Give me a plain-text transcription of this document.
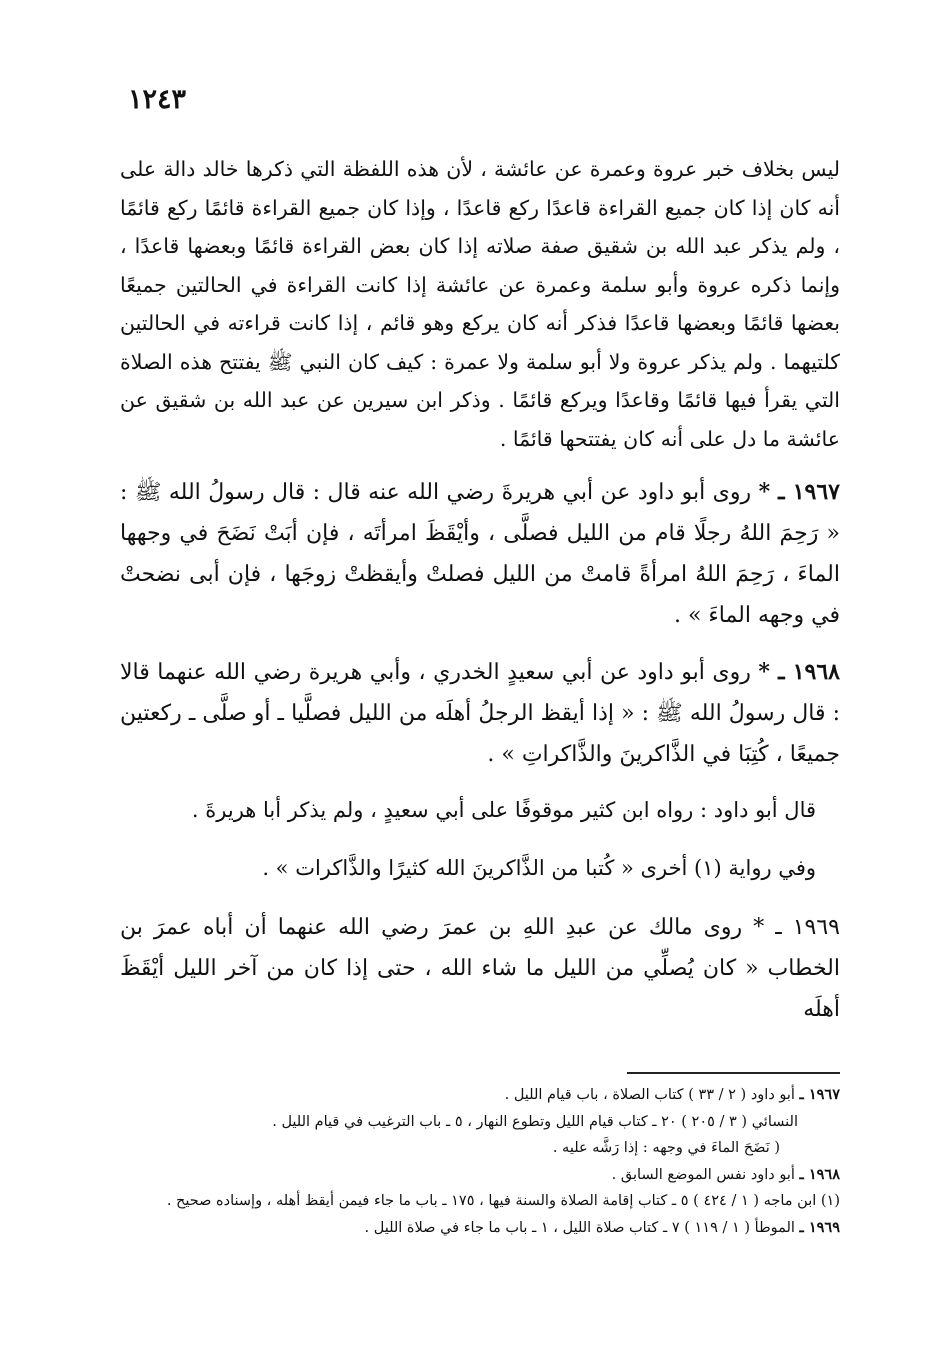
١٢٤٣

ليس بخلاف خبر عروة وعمرة عن عائشة ، لأن هذه اللفظة التي ذكرها خالد دالة على أنه كان إذا كان جميع القراءة قاعدًا ركع قاعدًا ، وإذا كان جميع القراءة قائمًا ركع قائمًا ، ولم يذكر عبد الله بن شقيق صفة صلاته إذا كان بعض القراءة قائمًا وبعضها قاعدًا ، وإنما ذكره عروة وأبو سلمة وعمرة عن عائشة إذا كانت القراءة في الحالتين جميعًا بعضها قائمًا وبعضها قاعدًا فذكر أنه كان يركع وهو قائم ، إذا كانت قراءته في الحالتين كلتيهما . ولم يذكر عروة ولا أبو سلمة ولا عمرة : كيف كان النبي ﷺ يفتتح هذه الصلاة التي يقرأ فيها قائمًا وقاعدًا ويركع قائمًا . وذكر ابن سيرين عن عبد الله بن شقيق عن عائشة ما دل على أنه كان يفتتحها قائمًا .

١٩٦٧ ـ * روى أبو داود عن أبي هريرةَ رضي الله عنه قال : قال رسولُ الله ﷺ : « رَحِمَ اللهُ رجلًا قام من الليل فصلَّى ، وأيْقَظَ امرأتَه ، فإن أبَتْ نَضَحَ في وجهها الماءَ ، رَحِمَ اللهُ امرأةً قامتْ من الليل فصلتْ وأيقظتْ زوجَها ، فإن أبى نضحتْ في وجهه الماءَ » .

١٩٦٨ ـ * روى أبو داود عن أبي سعيدٍ الخدري ، وأبي هريرة رضي الله عنهما قالا : قال رسولُ الله ﷺ : « إذا أيقظ الرجلُ أهلَه من الليل فصلَّيا ـ أو صلَّى ـ ركعتين جميعًا ، كُتِبَا في الذَّاكرينَ والذَّاكراتِ » .

قال أبو داود : رواه ابن كثير موقوفًا على أبي سعيدٍ ، ولم يذكر أبا هريرةَ .

وفي رواية (١) أخرى « كُتبا من الذَّاكرينَ الله كثيرًا والذَّاكرات » .

١٩٦٩ ـ * روى مالك عن عبدِ اللهِ بن عمرَ رضي الله عنهما أن أباه عمرَ بن الخطاب « كان يُصلِّي من الليل ما شاء الله ، حتى إذا كان من آخر الليل أيْقَظَ أهلَه

١٩٦٧ ـ أبو داود ( ٢ / ٣٣ ) كتاب الصلاة ، باب قيام الليل .

النسائي ( ٣ / ٢٠٥ ) ٢٠ ـ كتاب قيام الليل وتطوع النهار ، ٥ ـ باب الترغيب في قيام الليل .

( نَضَحَ الماءَ في وجهه : إذا رَشَّه عليه .

١٩٦٨ ـ أبو داود نفس الموضع السابق .

(١) ابن ماجه ( ١ / ٤٢٤ ) ٥ ـ كتاب إقامة الصلاة والسنة فيها ، ١٧٥ ـ باب ما جاء فيمن أيقظ أهله ، وإسناده صحيح .

١٩٦٩ ـ الموطأ ( ١ / ١١٩ ) ٧ ـ كتاب صلاة الليل ، ١ ـ باب ما جاء في صلاة الليل .
